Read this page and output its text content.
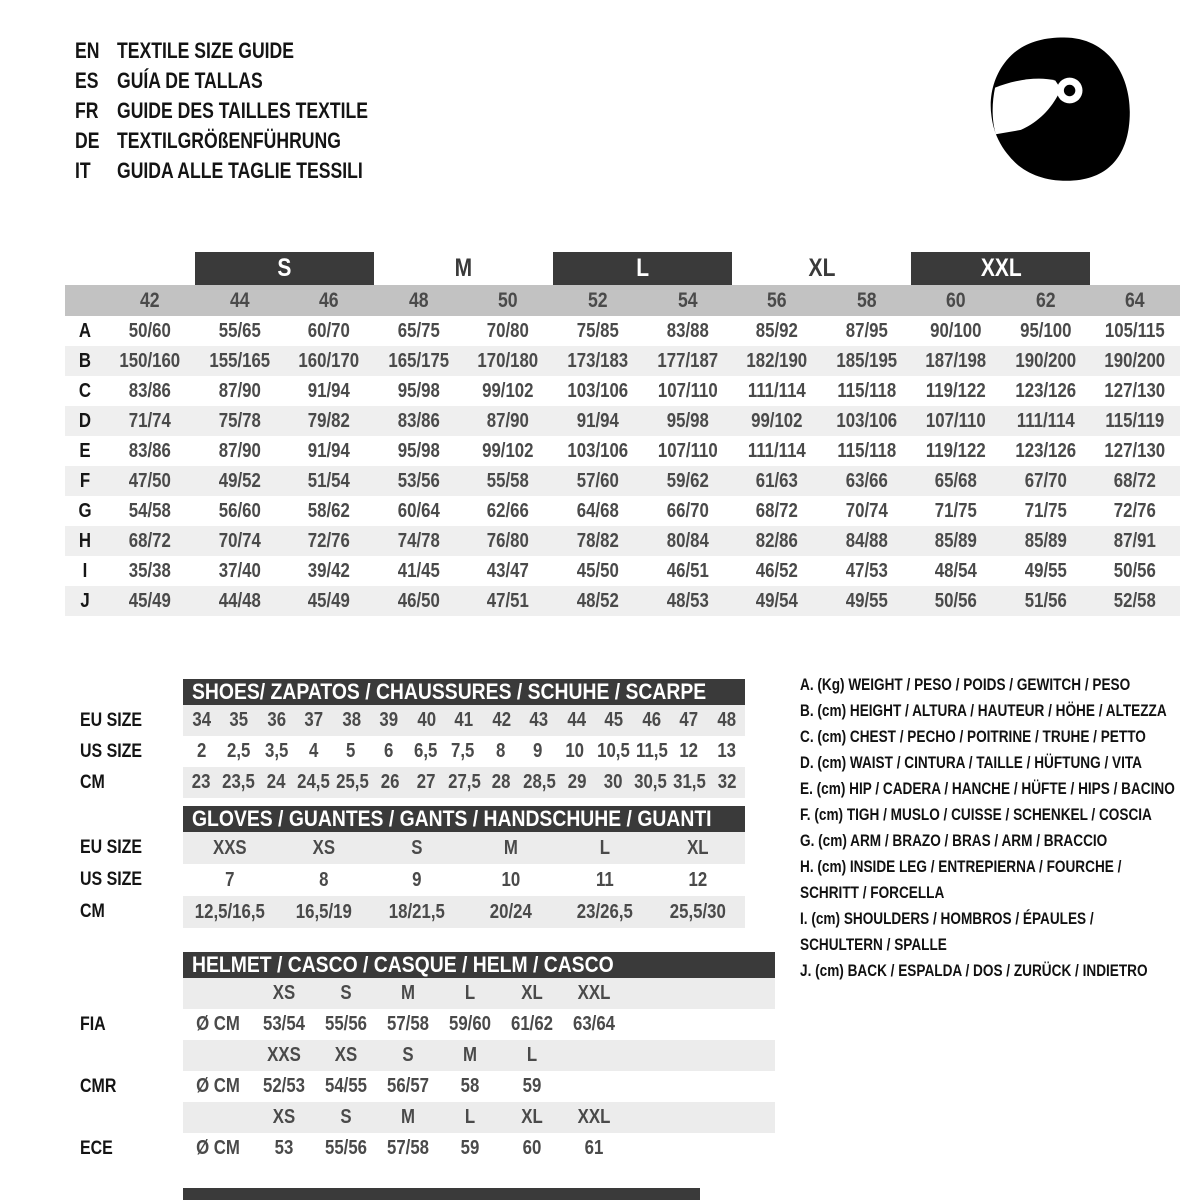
EN TEXTILE SIZE GUIDE
ES GUÍA DE TALLAS
FR GUIDE DES TAILLES TEXTILE
DE TEXTILGRÖßENFÜHRUNG
IT	GUIDA ALLE TAGLIE TESSILI
S	M	L	XL	XXL
42	44	46	48	50	52	54	56	58	60	62	64
A	50/60	55/65	60/70	65/75	70/80	75/85	83/88	85/92	87/95	90/100	95/100	105/115
B	150/160	155/165	160/170	165/175	170/180	173/183	177/187	182/190	185/195	187/198	190/200	190/200
C	83/86	87/90	91/94	95/98	99/102	103/106	107/110	111/114	115/118	119/122	123/126	127/130
D	71/74	75/78	79/82	83/86	87/90	91/94	95/98	99/102	103/106	107/110	111/114	115/119
E	83/86	87/90	91/94	95/98	99/102	103/106	107/110	111/114	115/118	119/122	123/126	127/130
F	47/50	49/52	51/54	53/56	55/58	57/60	59/62	61/63	63/66	65/68	67/70	68/72
G	54/58	56/60	58/62	60/64	62/66	64/68	66/70	68/72	70/74	71/75	71/75	72/76
H	68/72	70/74	72/76	74/78	76/80	78/82	80/84	82/86	84/88	85/89	85/89	87/91
I	35/38	37/40	39/42	41/45	43/47	45/50	46/51	46/52	47/53	48/54	49/55	50/56
J	45/49	44/48	45/49	46/50	47/51	48/52	48/53	49/54	49/55	50/56	51/56	52/58
SHOES/ ZAPATOS / CHAUSSURES / SCHUHE / SCARPE
EU SIZE	34 35 36 37 38 39 40 41 42 43 44 45 46 47 48
US SIZE	2	2,5 3,5	4	5	6	6,5 7,5	8	9	10 10,5 11,5 12 13
CM	23 23,5 24 24,5 25,5 26 27 27,5 28 28,5 29 30 30,5 31,5 32
GLOVES / GUANTES / GANTS / HANDSCHUHE / GUANTI
EU SIZE	XXS	XS	S	M	L	XL
US SIZE	7	8	9	10	11	12
CM	12,5/16,5	16,5/19	18/21,5	20/24	23/26,5	25,5/30
HELMET / CASCO / CASQUE / HELM / CASCO
XS	S	M	L	XL	XXL
FIA	Ø CM	53/54 55/56 57/58 59/60 61/62 63/64
XXS	XS	S	M	L
CMR	Ø CM	52/53 54/55 56/57	58	59
XS	S	M	L	XL	XXL
ECE	Ø CM	53	55/56 57/58	59	60	61
A. (Kg) WEIGHT / PESO / POIDS / GEWITCH / PESO
B. (cm) HEIGHT / ALTURA / HAUTEUR / HÖHE / ALTEZZA
C. (cm) CHEST / PECHO / POITRINE / TRUHE / PETTO
D. (cm) WAIST / CINTURA / TAILLE / HÜFTUNG / VITA
E. (cm) HIP / CADERA / HANCHE / HÜFTE / HIPS / BACINO
F. (cm) TIGH / MUSLO / CUISSE / SCHENKEL / COSCIA
G. (cm) ARM / BRAZO / BRAS / ARM / BRACCIO
H. (cm) INSIDE LEG / ENTREPIERNA / FOURCHE / SCHRITT / FORCELLA
I. (cm) SHOULDERS / HOMBROS / ÉPAULES / SCHULTERN / SPALLE
J. (cm) BACK / ESPALDA / DOS / ZURÜCK / INDIETRO
